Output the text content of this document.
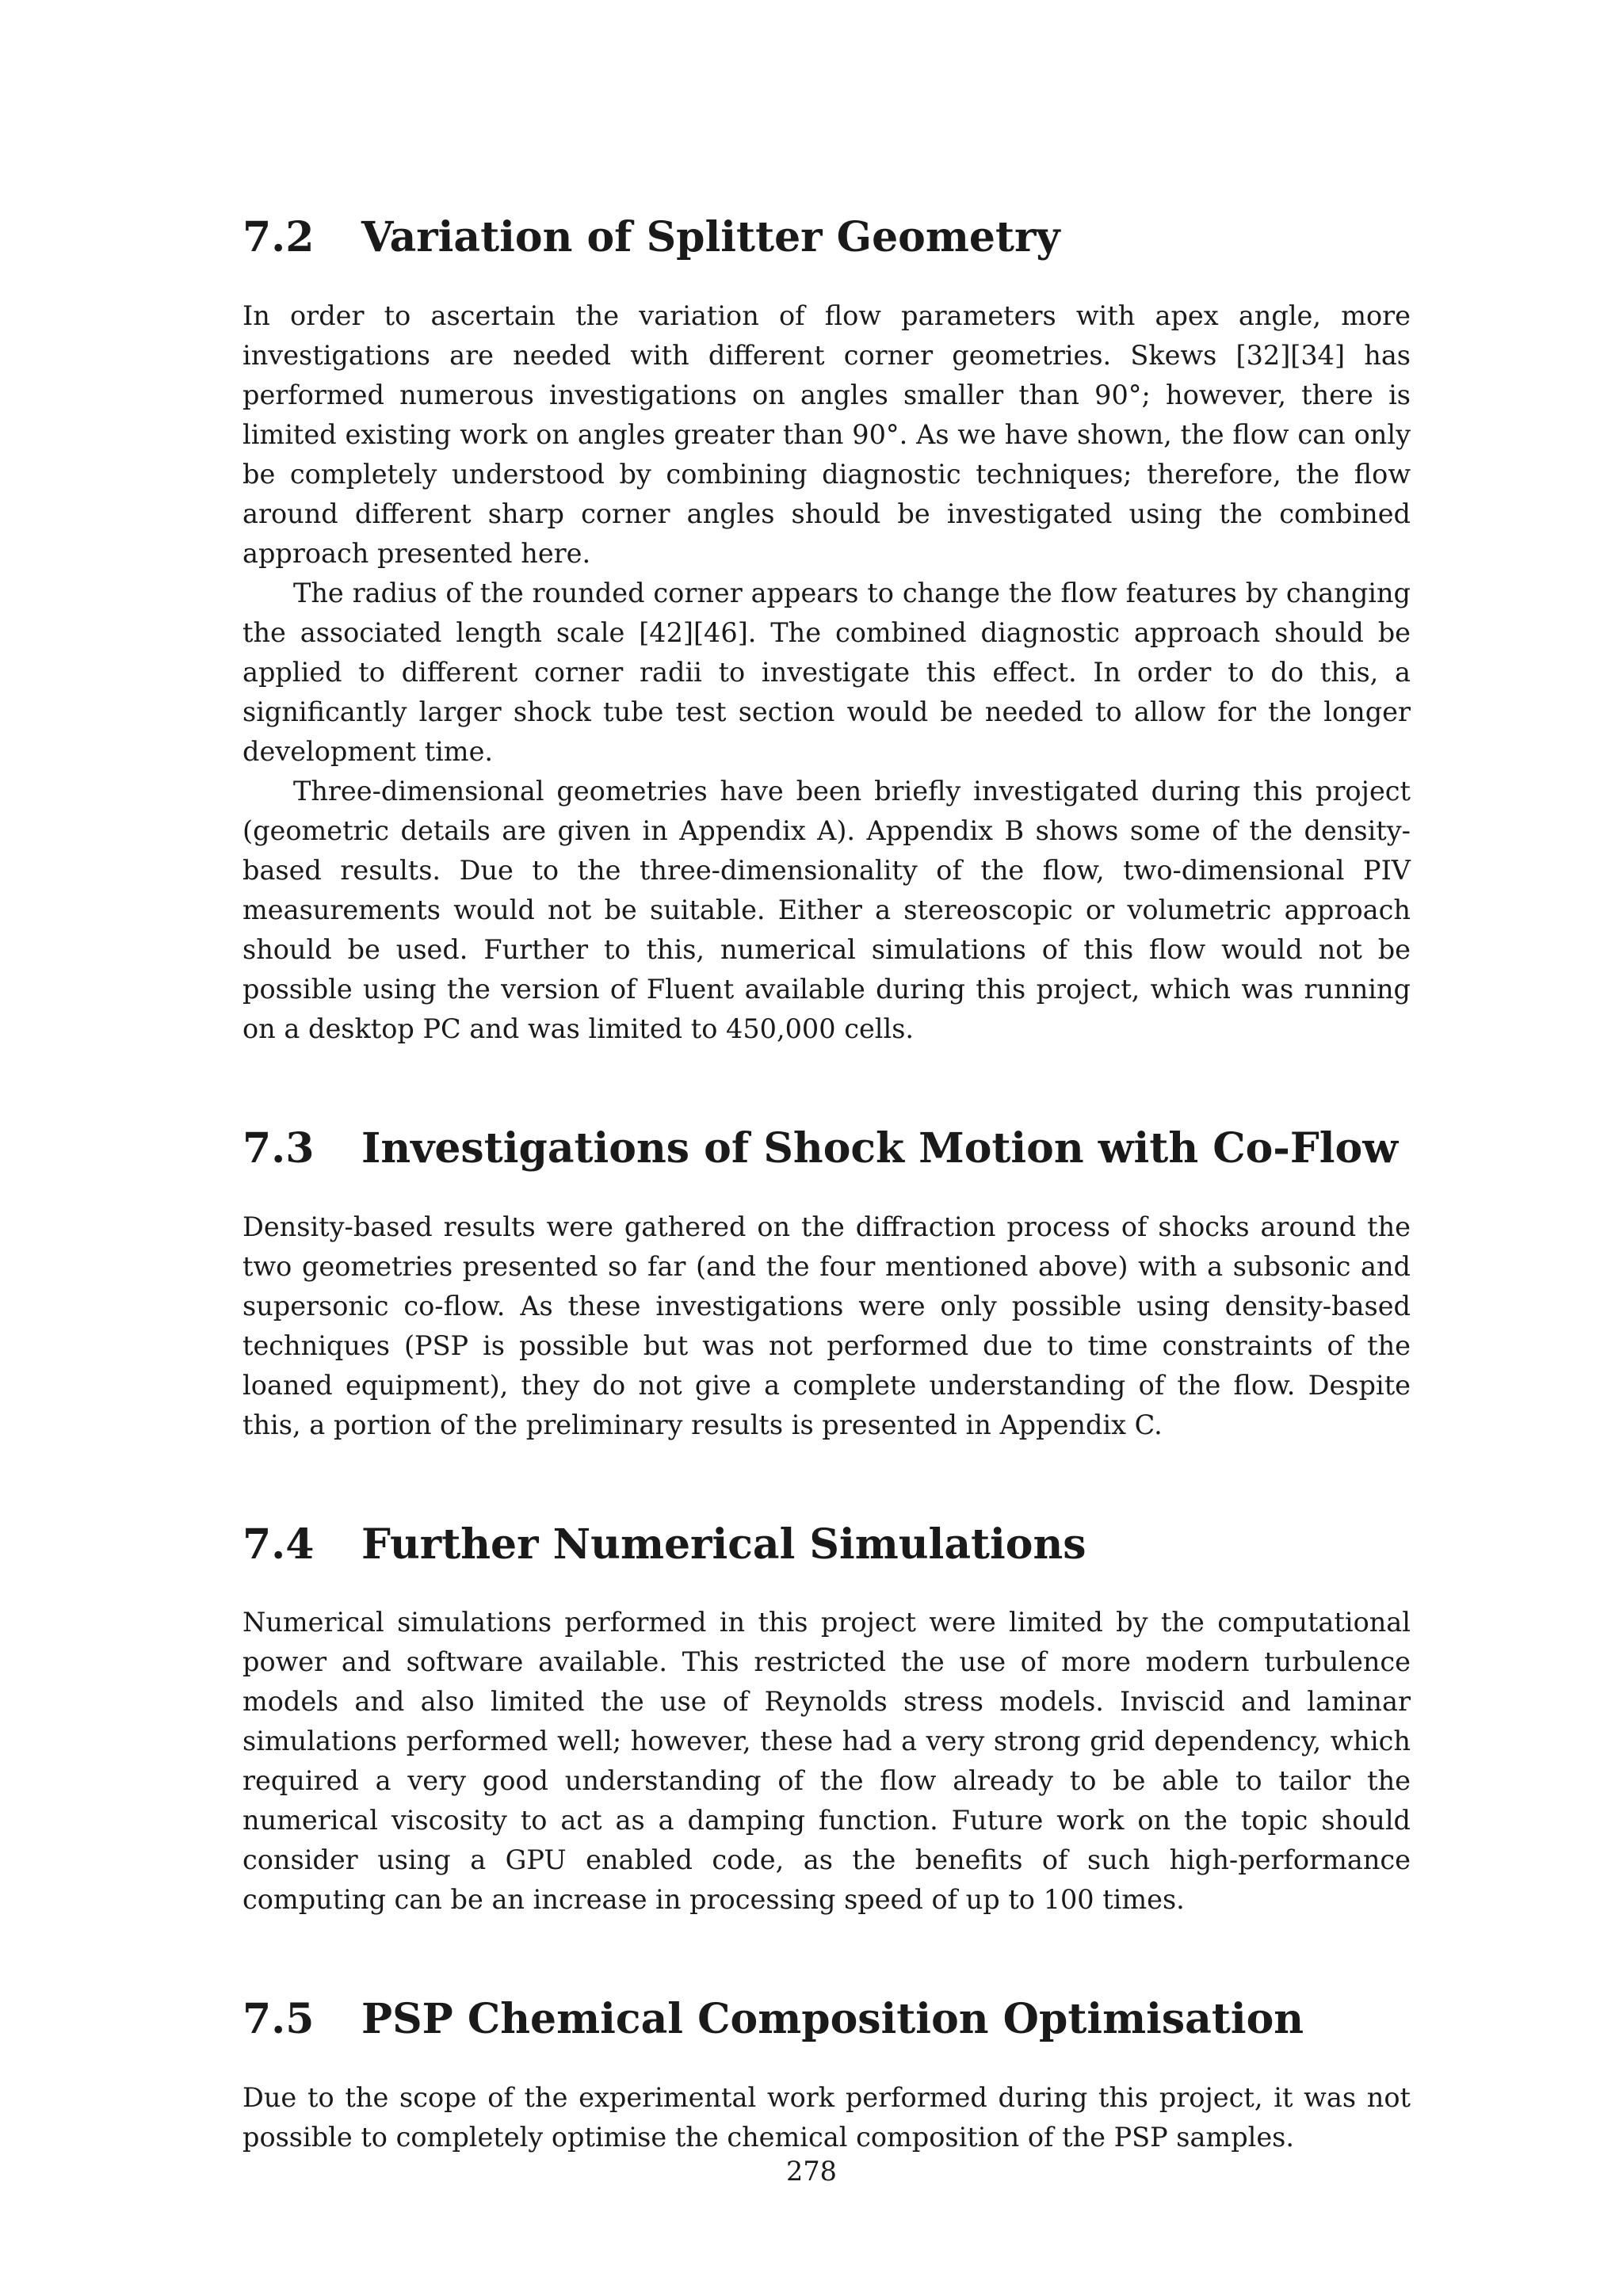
7.2	Variation of Splitter Geometry

In order to ascertain the variation of flow parameters with apex angle, more investigations are needed with different corner geometries. Skews [32][34] has performed numerous investigations on angles smaller than 90°; however, there is limited existing work on angles greater than 90°. As we have shown, the flow can only be completely understood by combining diagnostic techniques; therefore, the flow around different sharp corner angles should be investigated using the combined approach presented here.

The radius of the rounded corner appears to change the flow features by changing the associated length scale [42][46]. The combined diagnostic approach should be applied to different corner radii to investigate this effect. In order to do this, a significantly larger shock tube test section would be needed to allow for the longer development time.

Three-dimensional geometries have been briefly investigated during this project (geometric details are given in Appendix A). Appendix B shows some of the density-based results. Due to the three-dimensionality of the flow, two-dimensional PIV measurements would not be suitable. Either a stereoscopic or volumetric approach should be used. Further to this, numerical simulations of this flow would not be possible using the version of Fluent available during this project, which was running on a desktop PC and was limited to 450,000 cells.

7.3	Investigations of Shock Motion with Co-Flow

Density-based results were gathered on the diffraction process of shocks around the two geometries presented so far (and the four mentioned above) with a subsonic and supersonic co-flow. As these investigations were only possible using density-based techniques (PSP is possible but was not performed due to time constraints of the loaned equipment), they do not give a complete understanding of the flow. Despite this, a portion of the preliminary results is presented in Appendix C.

7.4	Further Numerical Simulations

Numerical simulations performed in this project were limited by the computational power and software available. This restricted the use of more modern turbulence models and also limited the use of Reynolds stress models. Inviscid and laminar simulations performed well; however, these had a very strong grid dependency, which required a very good understanding of the flow already to be able to tailor the numerical viscosity to act as a damping function. Future work on the topic should consider using a GPU enabled code, as the benefits of such high-performance computing can be an increase in processing speed of up to 100 times.

7.5	PSP Chemical Composition Optimisation

Due to the scope of the experimental work performed during this project, it was not possible to completely optimise the chemical composition of the PSP samples.

278
